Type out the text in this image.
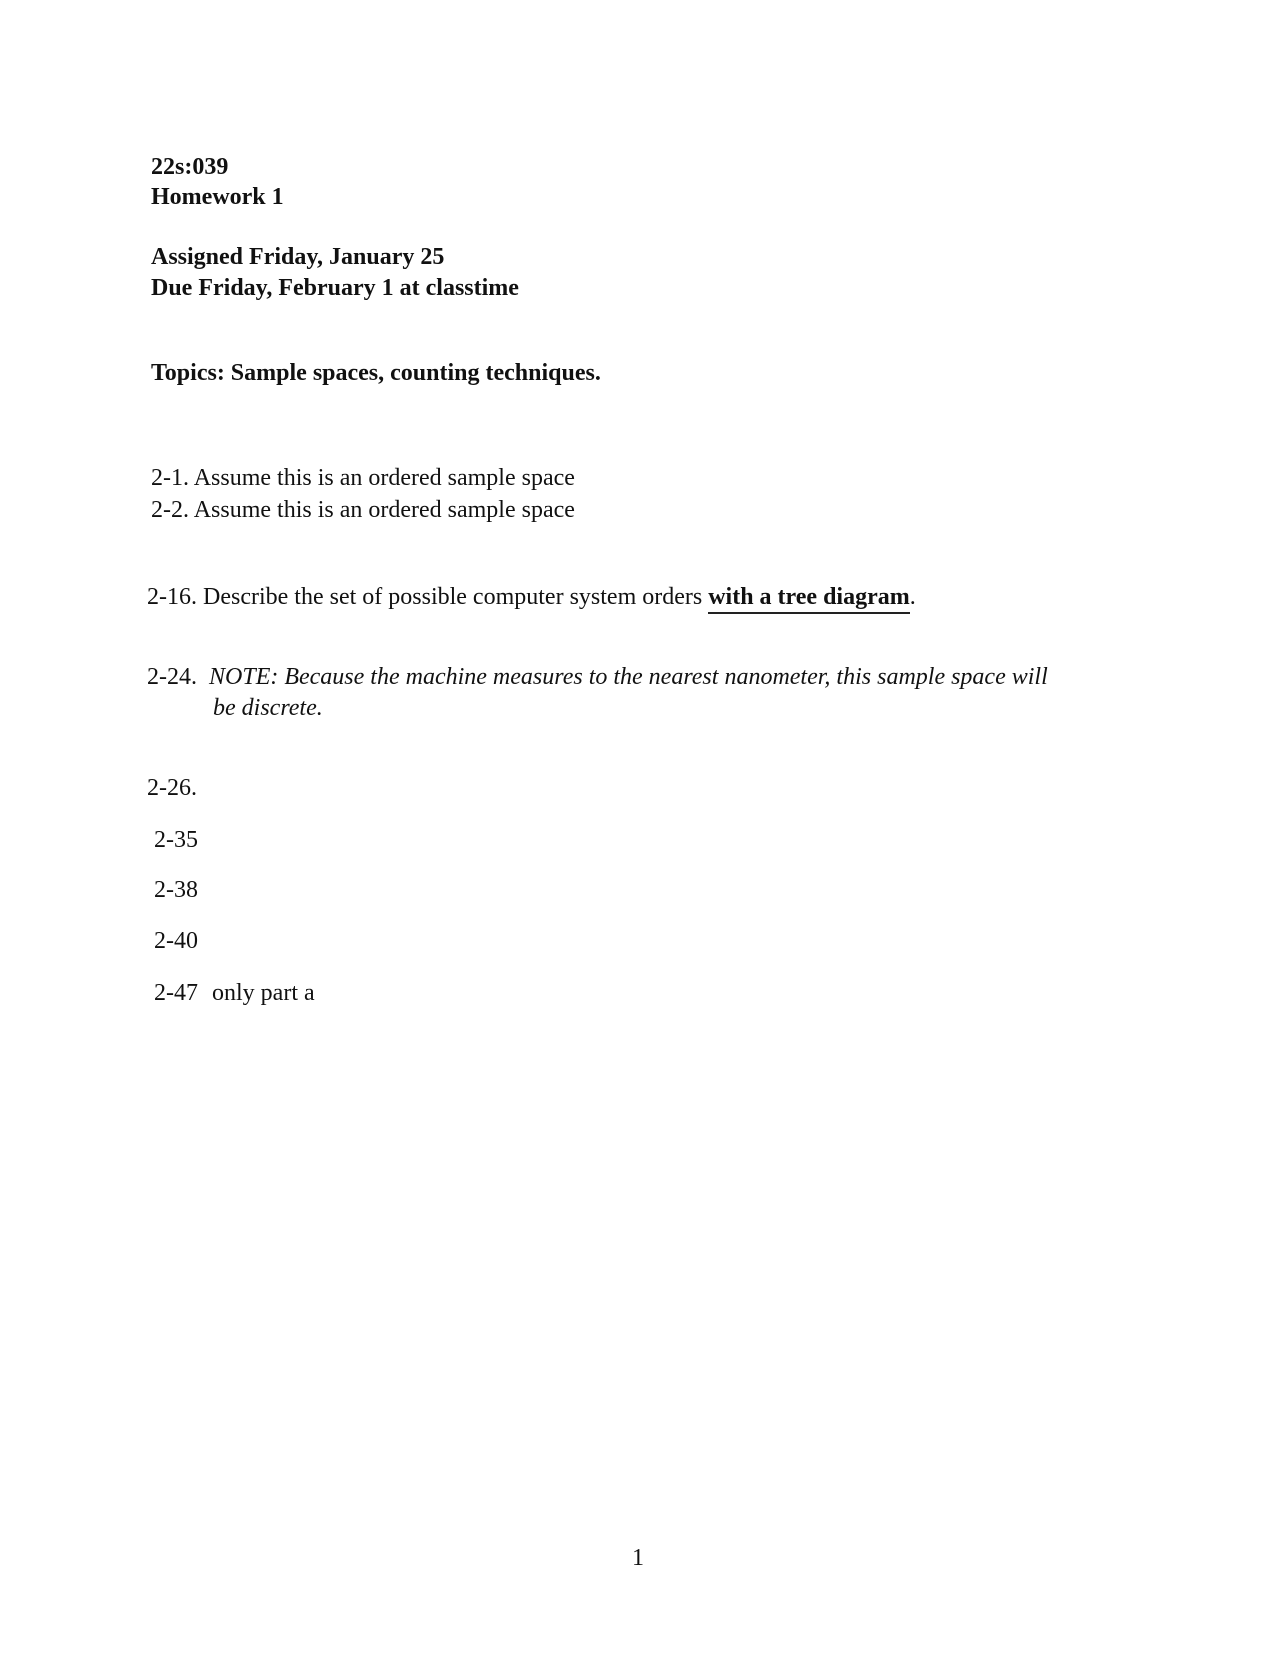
22s:039
Homework 1
Assigned Friday, January 25
Due Friday, February 1 at classtime
Topics: Sample spaces, counting techniques.
2-1. Assume this is an ordered sample space
2-2. Assume this is an ordered sample space
2-16. Describe the set of possible computer system orders with a tree diagram.
2-24. NOTE: Because the machine measures to the nearest nanometer, this sample space will
be discrete.
2-26.
2-35
2-38
2-40
2-47 only part a
1
